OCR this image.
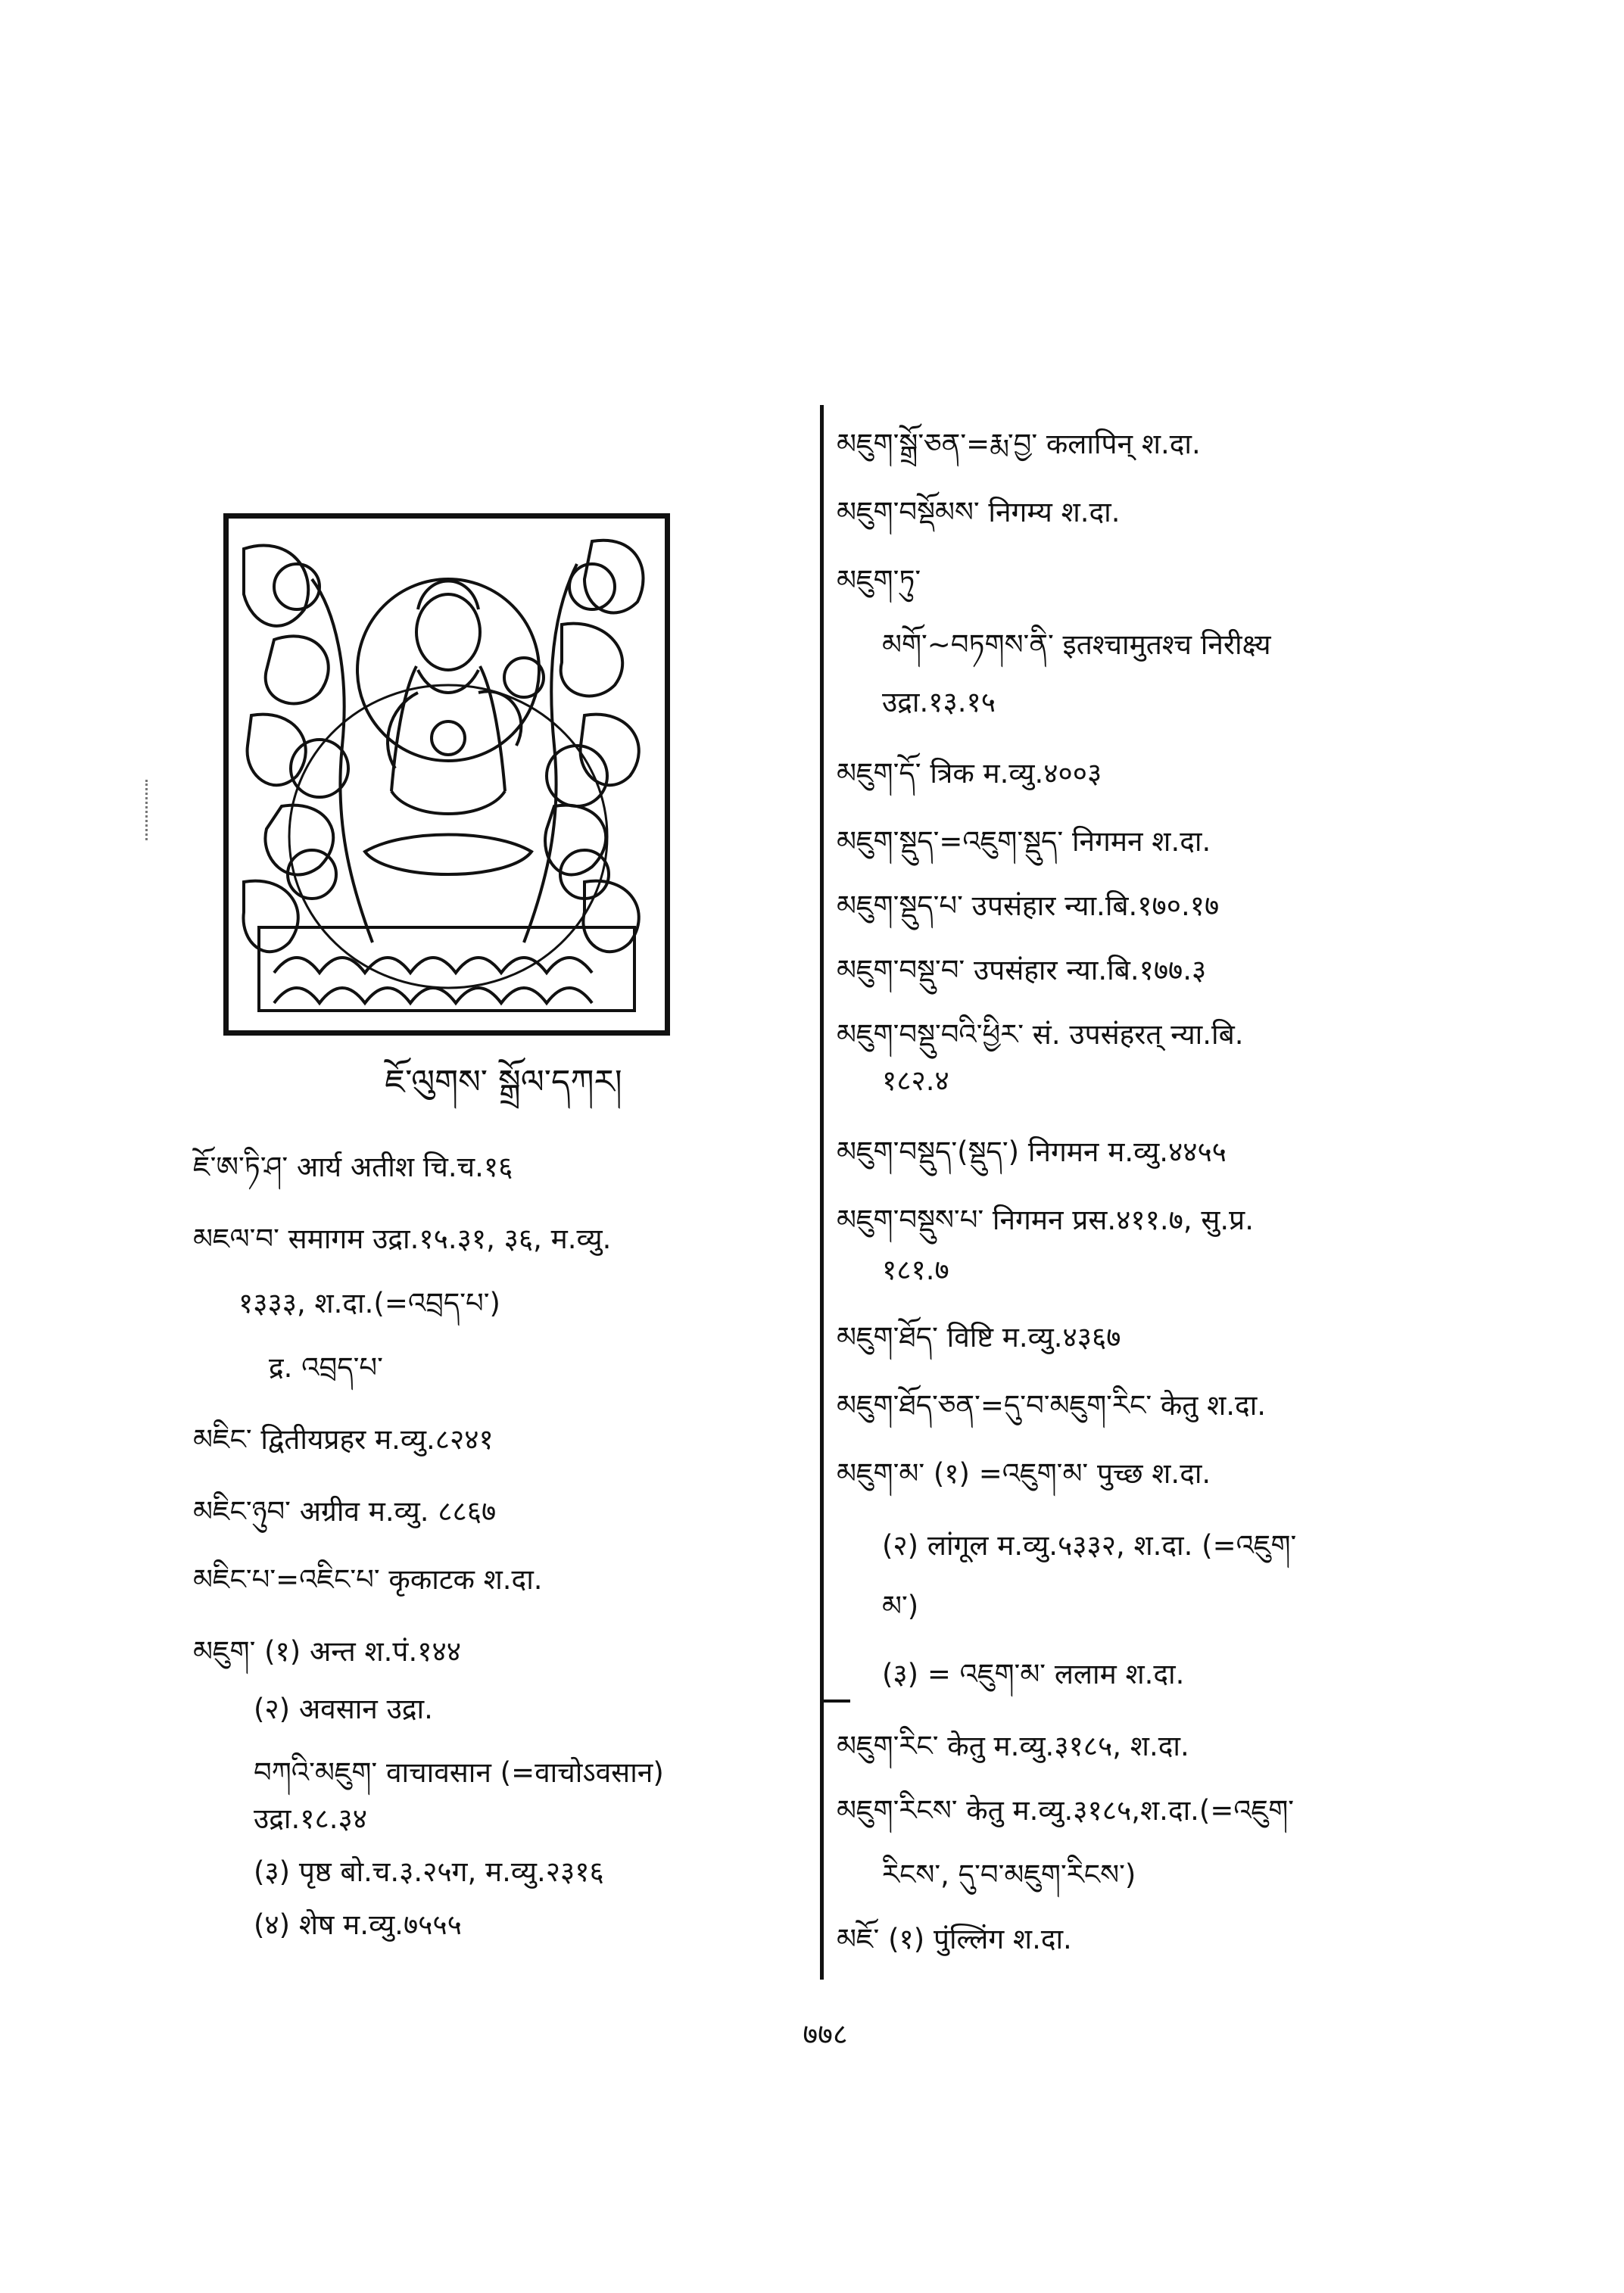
ཇོ་ལུགས་ སྒྲོལ་དཀར།
ཇོ་ཨ་ཏི་ཤ་ आर्य अतीश चि.च.१६
མཇལ་བ་ समागम उद्रा.१५.३१, ३६, म.व्यु.
१३३३, श.दा.(=འབྲད་པ་)
द्र. འབྲད་པ་
མཇིང་ द्वितीयप्रहर म.व्यु.८२४१
མཇིང་ཉུབ་ अग्रीव म.व्यु. ८८६७
མཇིང་པ་=འཇིང་པ་ कृकाटक श.दा.
མཇུག་ (१) अन्त श.पं.१४४
(२) अवसान उद्रा.
བཀའི་མཇུག་ वाचावसान (=वाचोऽवसान)
उद्रा.१८.३४
(३) पृष्ठ बो.च.३.२५ग, म.व्यु.२३१६
(४) शेष म.व्यु.७५५५
མཇུག་སྒྲོ་ཅན་=རྨ་བྱ་ कलापिन् श.दा.
མཇུག་བསྡོམས་ निगम्य श.दा.
མཇུག་ཏུ་
མགོ་~བཏགས་ནི་ इतश्चामुतश्च निरीक्ष्य
उद्रा.१३.१५
མཇུག་དོ་ त्रिक म.व्यु.४००३
མཇུག་སྡུད་=འཇུག་སྡུད་ निगमन श.दा.
མཇུག་སྡུད་པ་ उपसंहार न्या.बि.१७०.१७
མཇུག་བསྡུ་བ་ उपसंहार न्या.बि.१७७.३
མཇུག་བསྡུ་བའི་ཕྱིར་ सं. उपसंहरत् न्या.बि.
१८२.४
མཇུག་བསྡུད་(སྡུད་) निगमन म.व्यु.४४५५
མཇུག་བསྡུས་པ་ निगमन प्रस.४११.७, सु.प्र.
१८१.७
མཇུག་ཐོད་ विष्टि म.व्यु.४३६७
མཇུག་ཐོད་ཅན་=དུ་བ་མཇུག་རིང་ केतु श.दा.
མཇུག་མ་ (१) =འཇུག་མ་ पुच्छ श.दा.
(२) लांगूल म.व्यु.५३३२, श.दा. (=འཇུག་
མ་)
(३) = འཇུག་མ་ ललाम श.दा.
མཇུག་རིང་ केतु म.व्यु.३१८५, श.दा.
མཇུག་རིངས་ केतु म.व्यु.३१८५,श.दा.(=འཇུག་
རིངས་, དུ་བ་མཇུག་རིངས་)
མཇོ་ (१) पुंल्लिंग श.दा.
७७८
